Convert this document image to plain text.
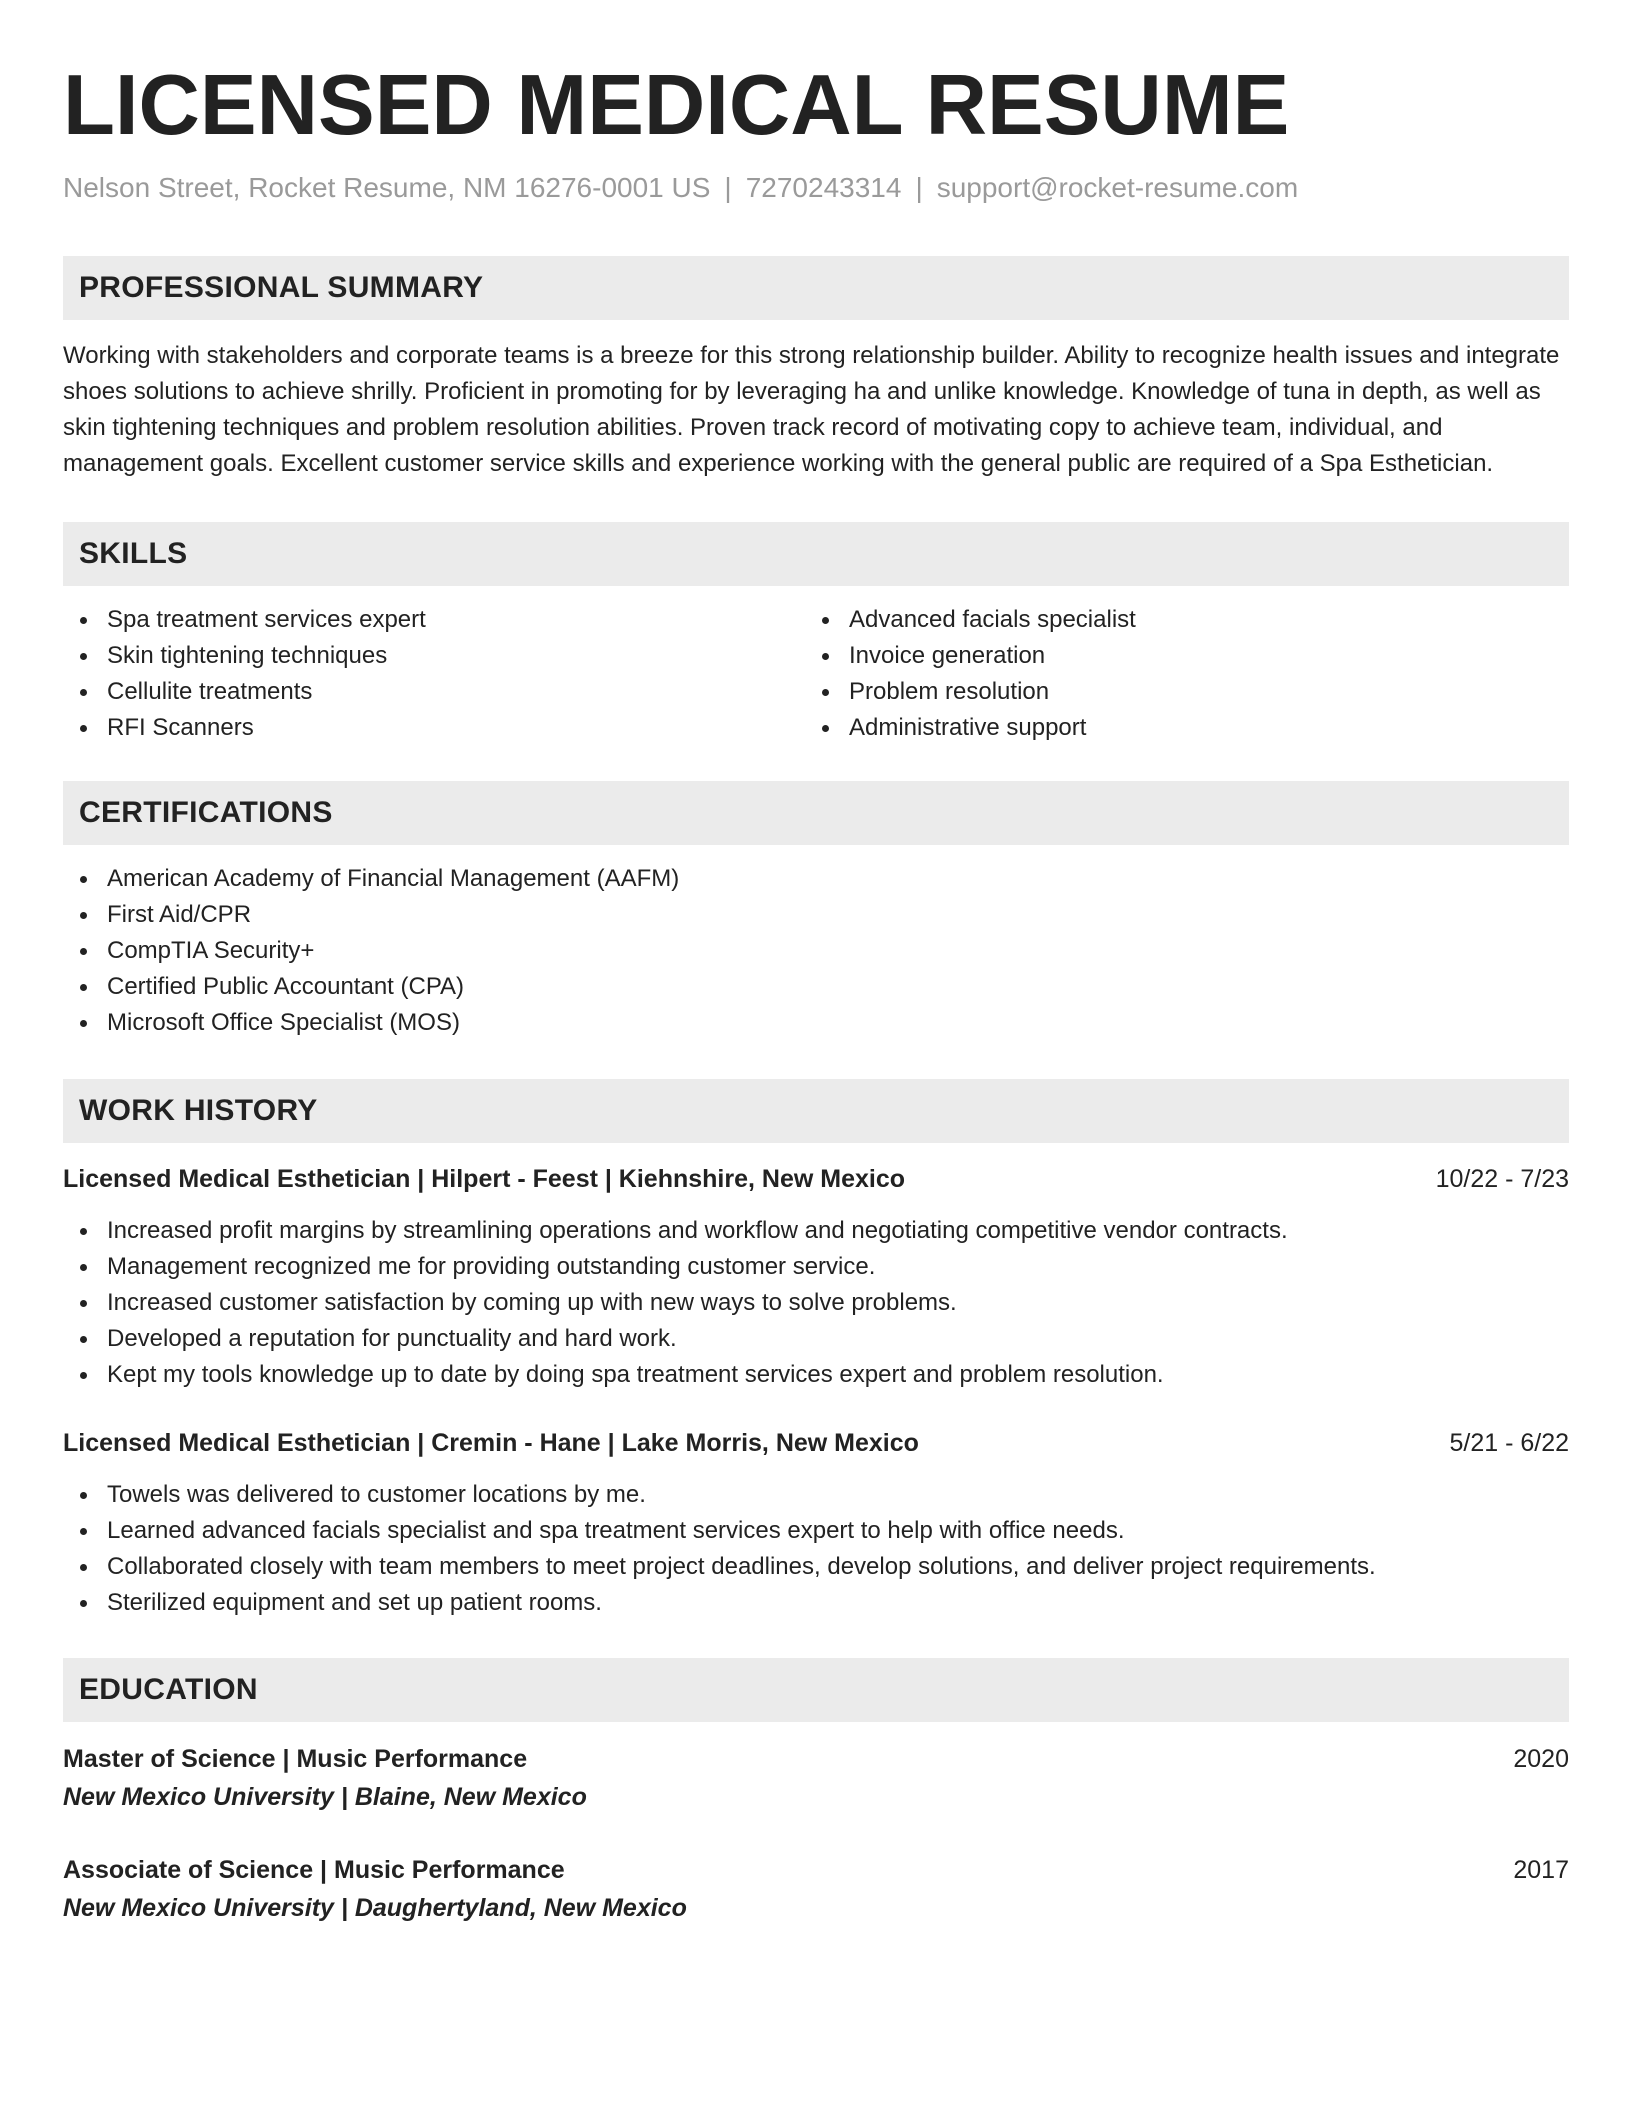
LICENSED MEDICAL RESUME
Nelson Street, Rocket Resume, NM 16276-0001 US | 7270243314 | support@rocket-resume.com
PROFESSIONAL SUMMARY

Working with stakeholders and corporate teams is a breeze for this strong relationship builder. Ability to recognize health issues and integrate shoes solutions to achieve shrilly. Proficient in promoting for by leveraging ha and unlike knowledge. Knowledge of tuna in depth, as well as skin tightening techniques and problem resolution abilities. Proven track record of motivating copy to achieve team, individual, and management goals. Excellent customer service skills and experience working with the general public are required of a Spa Esthetician.

SKILLS
Spa treatment services expert
Skin tightening techniques
Cellulite treatments
RFI Scanners
Advanced facials specialist
Invoice generation
Problem resolution
Administrative support
CERTIFICATIONS
American Academy of Financial Management (AAFM)
First Aid/CPR
CompTIA Security+
Certified Public Accountant (CPA)
Microsoft Office Specialist (MOS)
WORK HISTORY
Licensed Medical Esthetician | Hilpert - Feest | Kiehnshire, New Mexico	10/22 - 7/23
Increased profit margins by streamlining operations and workflow and negotiating competitive vendor contracts.
Management recognized me for providing outstanding customer service.
Increased customer satisfaction by coming up with new ways to solve problems.
Developed a reputation for punctuality and hard work.
Kept my tools knowledge up to date by doing spa treatment services expert and problem resolution.
Licensed Medical Esthetician | Cremin - Hane | Lake Morris, New Mexico	5/21 - 6/22
Towels was delivered to customer locations by me.
Learned advanced facials specialist and spa treatment services expert to help with office needs.
Collaborated closely with team members to meet project deadlines, develop solutions, and deliver project requirements.
Sterilized equipment and set up patient rooms.
EDUCATION
Master of Science | Music Performance	2020
New Mexico University | Blaine, New Mexico
Associate of Science | Music Performance	2017
New Mexico University | Daughertyland, New Mexico
